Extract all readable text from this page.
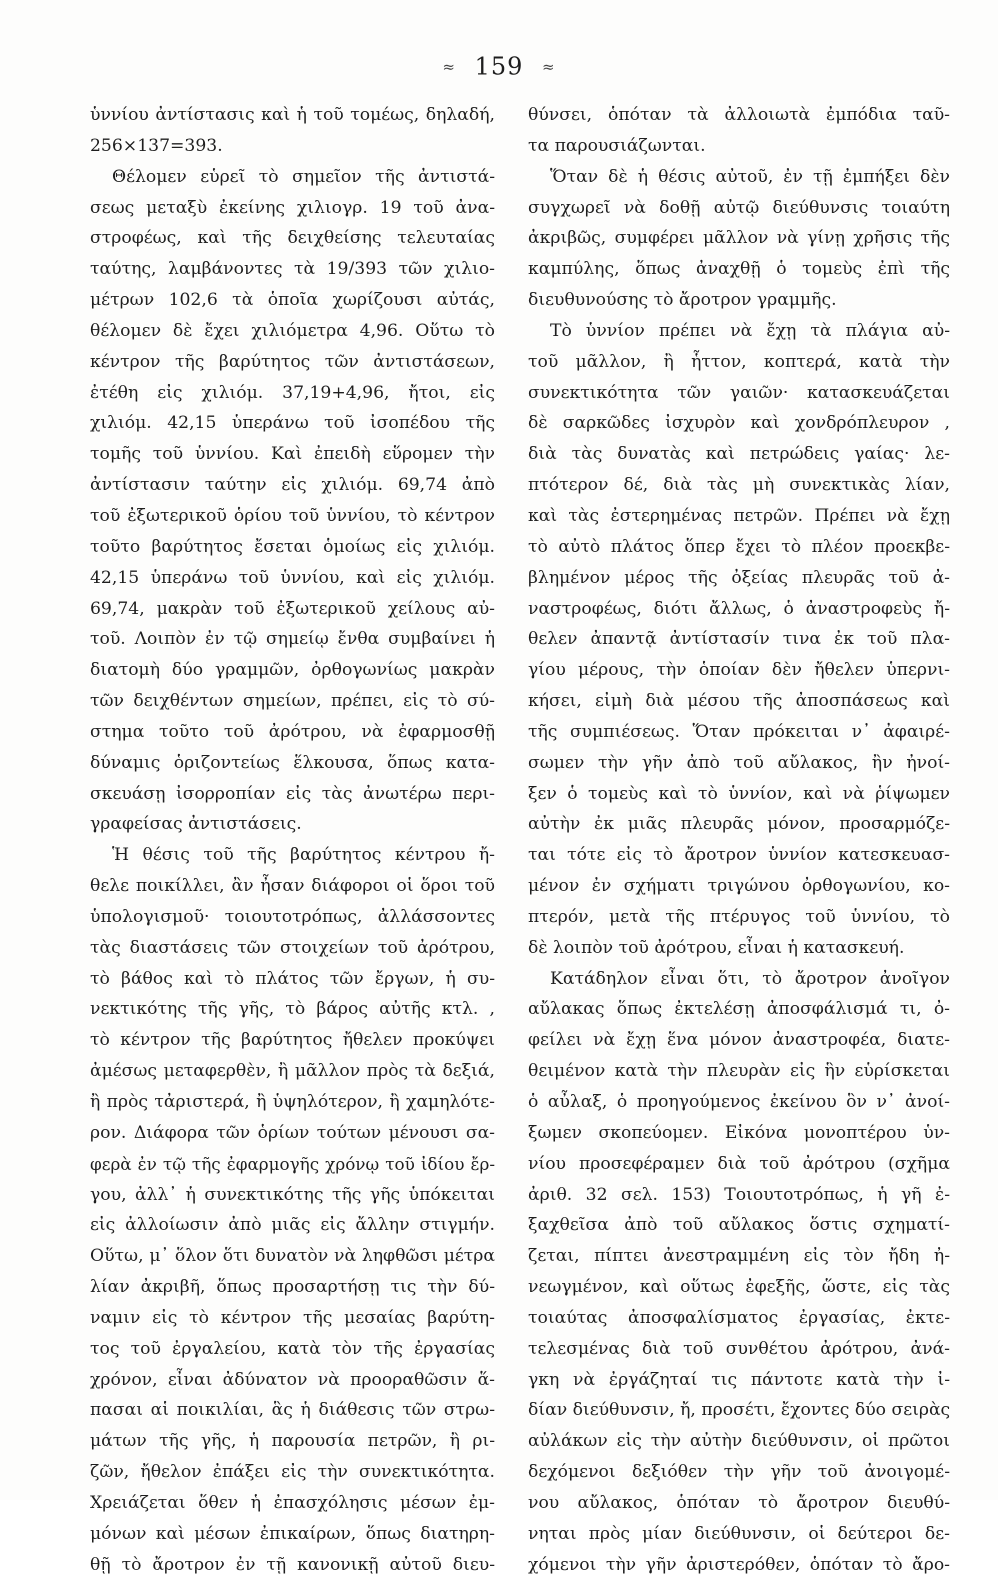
≈ 159 ≈
ὑννίου ἀντίστασις καὶ ἡ τοῦ τομέως, δηλαδή,
256×137=393.
Θέλομεν εὑρεῖ τὸ σημεῖον τῆς ἀντιστά-
σεως μεταξὺ ἐκείνης χιλιογρ. 19 τοῦ ἀνα-
στροφέως, καὶ τῆς δειχθείσης τελευταίας
ταύτης, λαμβάνοντες τὰ 19/393 τῶν χιλιο-
μέτρων 102,6 τὰ ὁποῖα χωρίζουσι αὐτάς,
θέλομεν δὲ ἔχει χιλιόμετρα 4,96. Οὕτω τὸ
κέντρον τῆς βαρύτητος τῶν ἀντιστάσεων,
ἐτέθη εἰς χιλιόμ. 37,19+4,96, ἤτοι, εἰς
χιλιόμ. 42,15 ὑπεράνω τοῦ ἰσοπέδου τῆς
τομῆς τοῦ ὑννίου. Καὶ ἐπειδὴ εὕρομεν τὴν
ἀντίστασιν ταύτην εἰς χιλιόμ. 69,74 ἀπὸ
τοῦ ἐξωτερικοῦ ὁρίου τοῦ ὑννίου, τὸ κέντρον
τοῦτο βαρύτητος ἔσεται ὁμοίως εἰς χιλιόμ.
42,15 ὑπεράνω τοῦ ὑννίου, καὶ εἰς χιλιόμ.
69,74, μακρὰν τοῦ ἐξωτερικοῦ χείλους αὐ-
τοῦ. Λοιπὸν ἐν τῷ σημείῳ ἔνθα συμβαίνει ἡ
διατομὴ δύο γραμμῶν, ὀρθογωνίως μακρὰν
τῶν δειχθέντων σημείων, πρέπει, εἰς τὸ σύ-
στημα τοῦτο τοῦ ἀρότρου, νὰ ἐφαρμοσθῇ
δύναμις ὁριζοντείως ἕλκουσα, ὅπως κατα-
σκευάσῃ ἰσορροπίαν εἰς τὰς ἀνωτέρω περι-
γραφείσας ἀντιστάσεις.
Ἡ θέσις τοῦ τῆς βαρύτητος κέντρου ἤ-
θελε ποικίλλει, ἂν ἦσαν διάφοροι οἱ ὅροι τοῦ
ὑπολογισμοῦ· τοιουτοτρόπως, ἀλλάσσοντες
τὰς διαστάσεις τῶν στοιχείων τοῦ ἀρότρου,
τὸ βάθος καὶ τὸ πλάτος τῶν ἔργων, ἡ συ-
νεκτικότης τῆς γῆς, τὸ βάρος αὐτῆς κτλ. ,
τὸ κέντρον τῆς βαρύτητος ἤθελεν προκύψει
ἀμέσως μεταφερθὲν, ἢ μᾶλλον πρὸς τὰ δεξιά,
ἢ πρὸς τἀριστερά, ἢ ὑψηλότερον, ἢ χαμηλότε-
ρον. Διάφορα τῶν ὁρίων τούτων μένουσι σα-
φερὰ ἐν τῷ τῆς ἐφαρμογῆς χρόνῳ τοῦ ἰδίου ἔρ-
γου, ἀλλ᾽ ἡ συνεκτικότης τῆς γῆς ὑπόκειται
εἰς ἀλλοίωσιν ἀπὸ μιᾶς εἰς ἄλλην στιγμήν.
Οὕτω, μ᾽ ὅλον ὅτι δυνατὸν νὰ ληφθῶσι μέτρα
λίαν ἀκριβῆ, ὅπως προσαρτήσῃ τις τὴν δύ-
ναμιν εἰς τὸ κέντρον τῆς μεσαίας βαρύτη-
τος τοῦ ἐργαλείου, κατὰ τὸν τῆς ἐργασίας
χρόνον, εἶναι ἀδύνατον νὰ προοραθῶσιν ἅ-
πασαι αἱ ποικιλίαι, ἃς ἡ διάθεσις τῶν στρω-
μάτων τῆς γῆς, ἡ παρουσία πετρῶν, ἢ ρι-
ζῶν, ἤθελον ἐπάξει εἰς τὴν συνεκτικότητα.
Χρειάζεται ὅθεν ἡ ἐπασχόλησις μέσων ἐμ-
μόνων καὶ μέσων ἐπικαίρων, ὅπως διατηρη-
θῇ τὸ ἄροτρον ἐν τῇ κανονικῇ αὐτοῦ διευ-
θύνσει, ὁπόταν τὰ ἀλλοιωτὰ ἐμπόδια ταῦ-
τα παρουσιάζωνται.
Ὅταν δὲ ἡ θέσις αὐτοῦ, ἐν τῇ ἐμπήξει δὲν
συγχωρεῖ νὰ δοθῇ αὐτῷ διεύθυνσις τοιαύτη
ἀκριβῶς, συμφέρει μᾶλλον νὰ γίνῃ χρῆσις τῆς
καμπύλης, ὅπως ἀναχθῇ ὁ τομεὺς ἐπὶ τῆς
διευθυνούσης τὸ ἄροτρον γραμμῆς.
Τὸ ὑννίον πρέπει νὰ ἔχῃ τὰ πλάγια αὐ-
τοῦ μᾶλλον, ἢ ἧττον, κοπτερά, κατὰ τὴν
συνεκτικότητα τῶν γαιῶν· κατασκευάζεται
δὲ σαρκῶδες ἰσχυρὸν καὶ χονδρόπλευρον ,
διὰ τὰς δυνατὰς καὶ πετρώδεις γαίας· λε-
πτότερον δέ, διὰ τὰς μὴ συνεκτικὰς λίαν,
καὶ τὰς ἐστερημένας πετρῶν. Πρέπει νὰ ἔχῃ
τὸ αὐτὸ πλάτος ὅπερ ἔχει τὸ πλέον προεκβε-
βλημένον μέρος τῆς ὀξείας πλευρᾶς τοῦ ἀ-
ναστροφέως, διότι ἄλλως, ὁ ἀναστροφεὺς ἤ-
θελεν ἀπαντᾷ ἀντίστασίν τινα ἐκ τοῦ πλα-
γίου μέρους, τὴν ὁποίαν δὲν ἤθελεν ὑπερνι-
κήσει, εἰμὴ διὰ μέσου τῆς ἀποσπάσεως καὶ
τῆς συμπιέσεως. Ὅταν πρόκειται ν᾽ ἀφαιρέ-
σωμεν τὴν γῆν ἀπὸ τοῦ αὔλακος, ἢν ἠνοί-
ξεν ὁ τομεὺς καὶ τὸ ὑννίον, καὶ νὰ ῥίψωμεν
αὐτὴν ἐκ μιᾶς πλευρᾶς μόνον, προσαρμόζε-
ται τότε εἰς τὸ ἄροτρον ὑννίον κατεσκευασ-
μένον ἐν σχήματι τριγώνου ὀρθογωνίου, κο-
πτερόν, μετὰ τῆς πτέρυγος τοῦ ὑννίου, τὸ
δὲ λοιπὸν τοῦ ἀρότρου, εἶναι ἡ κατασκευή.
Κατάδηλον εἶναι ὅτι, τὸ ἄροτρον ἀνοῖγον
αὔλακας ὅπως ἐκτελέσῃ ἀποσφάλισμά τι, ὀ-
φείλει νὰ ἔχῃ ἕνα μόνον ἀναστροφέα, διατε-
θειμένον κατὰ τὴν πλευρὰν εἰς ἣν εὑρίσκεται
ὁ αὖλαξ, ὁ προηγούμενος ἐκείνου ὃν ν᾽ ἀνοί-
ξωμεν σκοπεύομεν. Εἰκόνα μονοπτέρου ὑν-
νίου προσεφέραμεν διὰ τοῦ ἀρότρου (σχῆμα
ἀριθ. 32 σελ. 153) Τοιουτοτρόπως, ἡ γῆ ἐ-
ξαχθεῖσα ἀπὸ τοῦ αὔλακος ὅστις σχηματί-
ζεται, πίπτει ἀνεστραμμένη εἰς τὸν ἤδη ἠ-
νεωγμένον, καὶ οὕτως ἐφεξῆς, ὥστε, εἰς τὰς
τοιαύτας ἀποσφαλίσματος ἐργασίας, ἐκτε-
τελεσμένας διὰ τοῦ συνθέτου ἀρότρου, ἀνά-
γκη νὰ ἐργάζηταί τις πάντοτε κατὰ τὴν ἰ-
δίαν διεύθυνσιν, ἤ, προσέτι, ἔχοντες δύο σειρὰς
αὐλάκων εἰς τὴν αὐτὴν διεύθυνσιν, οἱ πρῶτοι
δεχόμενοι δεξιόθεν τὴν γῆν τοῦ ἀνοιγομέ-
νου αὔλακος, ὁπόταν τὸ ἄροτρον διευθύ-
νηται πρὸς μίαν διεύθυνσιν, οἱ δεύτεροι δε-
χόμενοι τὴν γῆν ἀριστερόθεν, ὁπόταν τὸ ἄρο-
